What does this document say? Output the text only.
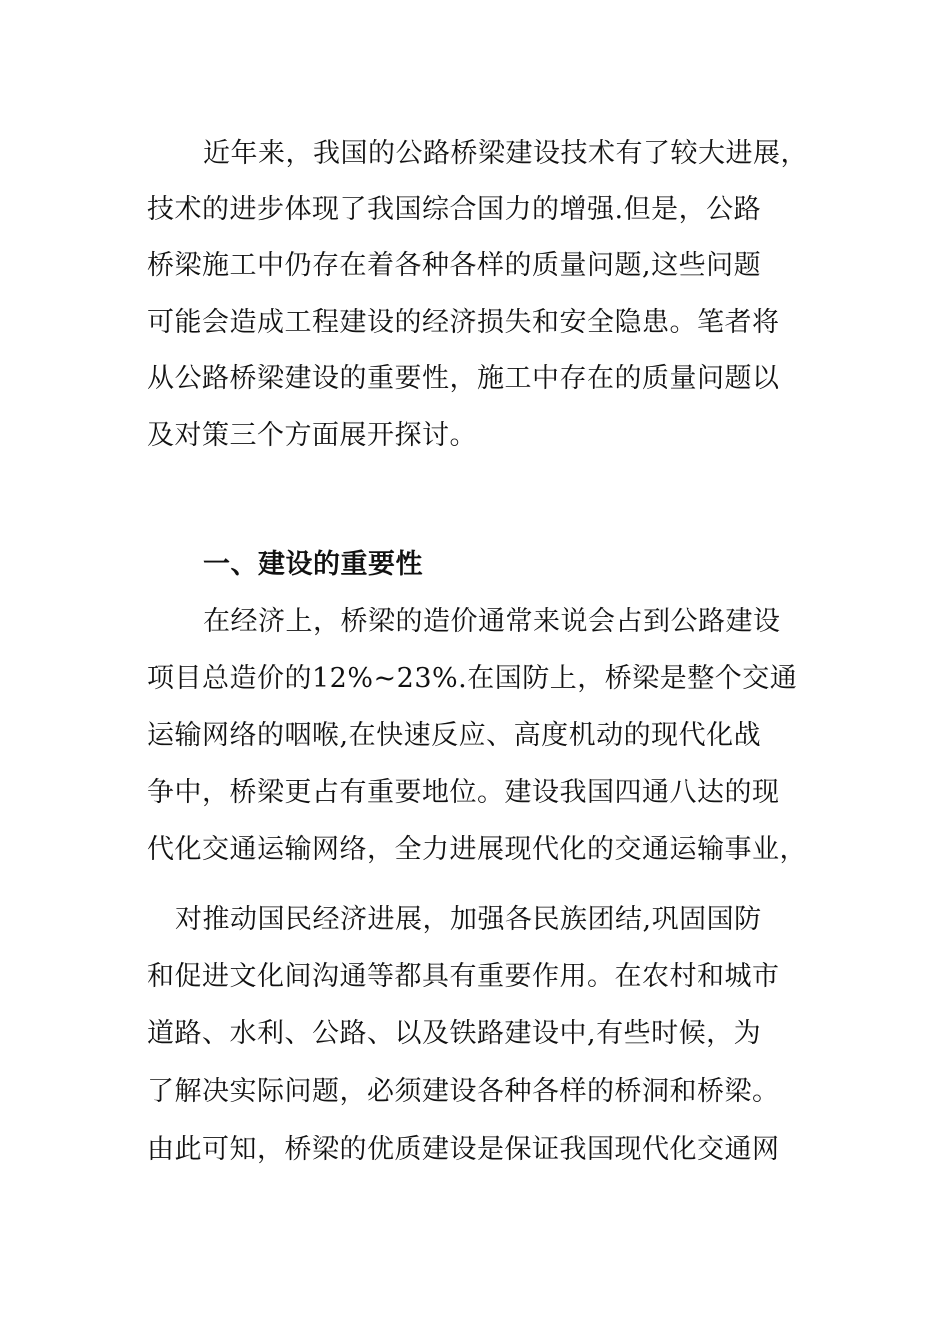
近年来，我国的公路桥梁建设技术有了较大进展，
技术的进步体现了我国综合国力的增强.但是，公路
桥梁施工中仍存在着各种各样的质量问题,这些问题
可能会造成工程建设的经济损失和安全隐患。笔者将
从公路桥梁建设的重要性，施工中存在的质量问题以
及对策三个方面展开探讨。
一、建设的重要性
在经济上，桥梁的造价通常来说会占到公路建设
项目总造价的12%~23%.在国防上，桥梁是整个交通
运输网络的咽喉,在快速反应、高度机动的现代化战
争中，桥梁更占有重要地位。建设我国四通八达的现
代化交通运输网络，全力进展现代化的交通运输事业，
对推动国民经济进展，加强各民族团结,巩固国防
和促进文化间沟通等都具有重要作用。在农村和城市
道路、水利、公路、以及铁路建设中,有些时候，为
了解决实际问题，必须建设各种各样的桥洞和桥梁。
由此可知，桥梁的优质建设是保证我国现代化交通网
